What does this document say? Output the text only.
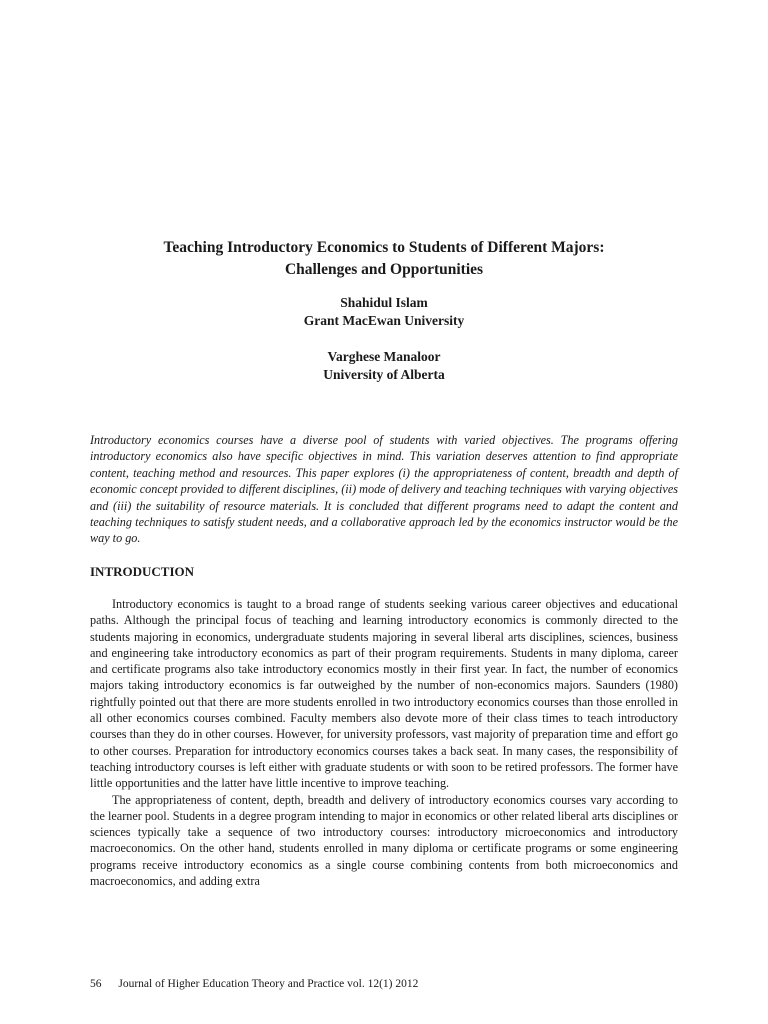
Teaching Introductory Economics to Students of Different Majors:
Challenges and Opportunities
Shahidul Islam
Grant MacEwan University
Varghese Manaloor
University of Alberta

Introductory economics courses have a diverse pool of students with varied objectives. The programs offering introductory economics also have specific objectives in mind. This variation deserves attention to find appropriate content, teaching method and resources. This paper explores (i) the appropriateness of content, breadth and depth of economic concept provided to different disciplines, (ii) mode of delivery and teaching techniques with varying objectives and (iii) the suitability of resource materials. It is concluded that different programs need to adapt the content and teaching techniques to satisfy student needs, and a collaborative approach led by the economics instructor would be the way to go.

INTRODUCTION

Introductory economics is taught to a broad range of students seeking various career objectives and educational paths. Although the principal focus of teaching and learning introductory economics is commonly directed to the students majoring in economics, undergraduate students majoring in several liberal arts disciplines, sciences, business and engineering take introductory economics as part of their program requirements. Students in many diploma, career and certificate programs also take introductory economics mostly in their first year. In fact, the number of economics majors taking introductory economics is far outweighed by the number of non-economics majors. Saunders (1980) rightfully pointed out that there are more students enrolled in two introductory economics courses than those enrolled in all other economics courses combined. Faculty members also devote more of their class times to teach introductory courses than they do in other courses. However, for university professors, vast majority of preparation time and effort go to other courses. Preparation for introductory economics courses takes a back seat. In many cases, the responsibility of teaching introductory courses is left either with graduate students or with soon to be retired professors. The former have little opportunities and the latter have little incentive to improve teaching.

The appropriateness of content, depth, breadth and delivery of introductory economics courses vary according to the learner pool. Students in a degree program intending to major in economics or other related liberal arts disciplines or sciences typically take a sequence of two introductory courses: introductory microeconomics and introductory macroeconomics. On the other hand, students enrolled in many diploma or certificate programs or some engineering programs receive introductory economics as a single course combining contents from both microeconomics and macroeconomics, and adding extra

56 Journal of Higher Education Theory and Practice vol. 12(1) 2012
